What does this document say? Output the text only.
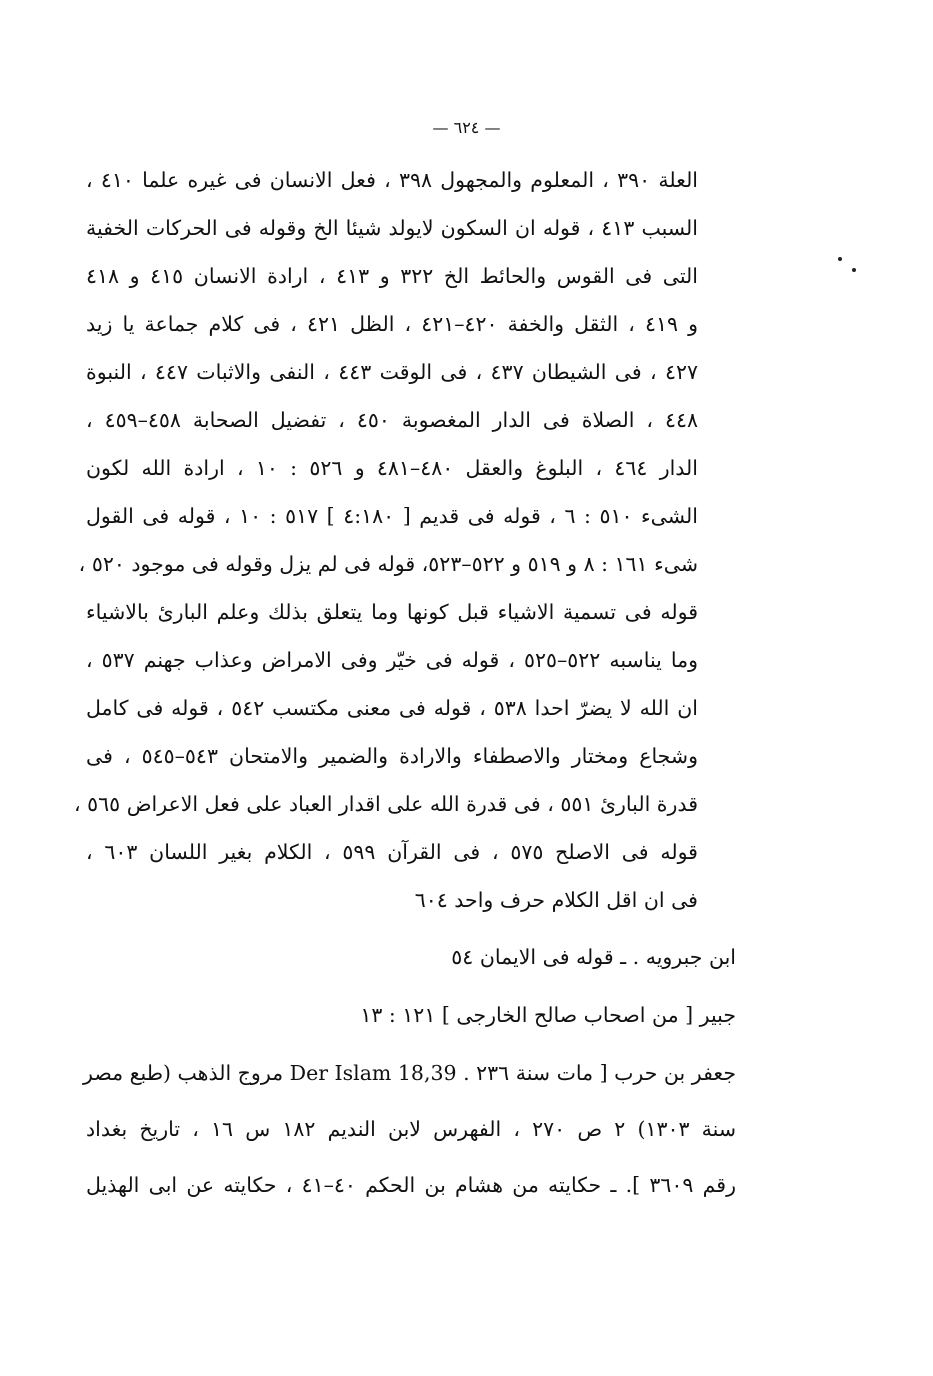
— ٦٢٤ —
العلة ٣٩٠ ، المعلوم والمجهول ٣٩٨ ، فعل الانسان فى غيره علما ٤١٠ ،
السبب ٤١٣ ، قوله ان السكون لايولد شيئا الخ وقوله فى الحركات الخفية
التى فى القوس والحائط الخ ٣٢٢ و ٤١٣ ، ارادة الانسان ٤١٥ و ٤١٨
و ٤١٩ ، الثقل والخفة ٤٢٠–٤٢١ ، الظل ٤٢١ ، فى كلام جماعة يا زيد
٤٢٧ ، فى الشيطان ٤٣٧ ، فى الوقت ٤٤٣ ، النفى والاثبات ٤٤٧ ، النبوة
٤٤٨ ، الصلاة فى الدار المغصوبة ٤٥٠ ، تفضيل الصحابة ٤٥٨–٤٥٩ ،
الدار ٤٦٤ ، البلوغ والعقل ٤٨٠–٤٨١ و ٥٢٦ : ١٠ ، ارادة الله لكون
الشىء ٥١٠ : ٦ ، قوله فى قديم [ ٤:١٨٠ ] ٥١٧ : ١٠ ، قوله فى القول
شىء ١٦١ : ٨ و ٥١٩ و ٥٢٢–٥٢٣، قوله فى لم يزل وقوله فى موجود ٥٢٠ ،
قوله فى تسمية الاشياء قبل كونها وما يتعلق بذلك وعلم البارئ بالاشياء
وما يناسبه ٥٢٢–٥٢٥ ، قوله فى خيّر وفى الامراض وعذاب جهنم ٥٣٧ ،
ان الله لا يضرّ احدا ٥٣٨ ، قوله فى معنى مكتسب ٥٤٢ ، قوله فى كامل
وشجاع ومختار والاصطفاء والارادة والضمير والامتحان ٥٤٣–٥٤٥ ، فى
قدرة البارئ ٥٥١ ، فى قدرة الله على اقدار العباد على فعل الاعراض ٥٦٥ ،
قوله فى الاصلح ٥٧٥ ، فى القرآن ٥٩٩ ، الكلام بغير اللسان ٦٠٣ ،
فى ان اقل الكلام حرف واحد ٦٠٤
ابن جبرويه . ـ قوله فى الايمان ٥٤
جبير [ من اصحاب صالح الخارجى ] ١٢١ : ١٣
جعفر بن حرب [ مات سنة ٢٣٦ . Der Islam 18,39 مروج الذهب (طبع مصر
سنة ١٣٠٣) ٢ ص ٢٧٠ ، الفهرس لابن النديم ١٨٢ س ١٦ ، تاريخ بغداد
رقم ٣٦٠٩ ]. ـ حكايته من هشام بن الحكم ٤٠–٤١ ، حكايته عن ابى الهذيل
